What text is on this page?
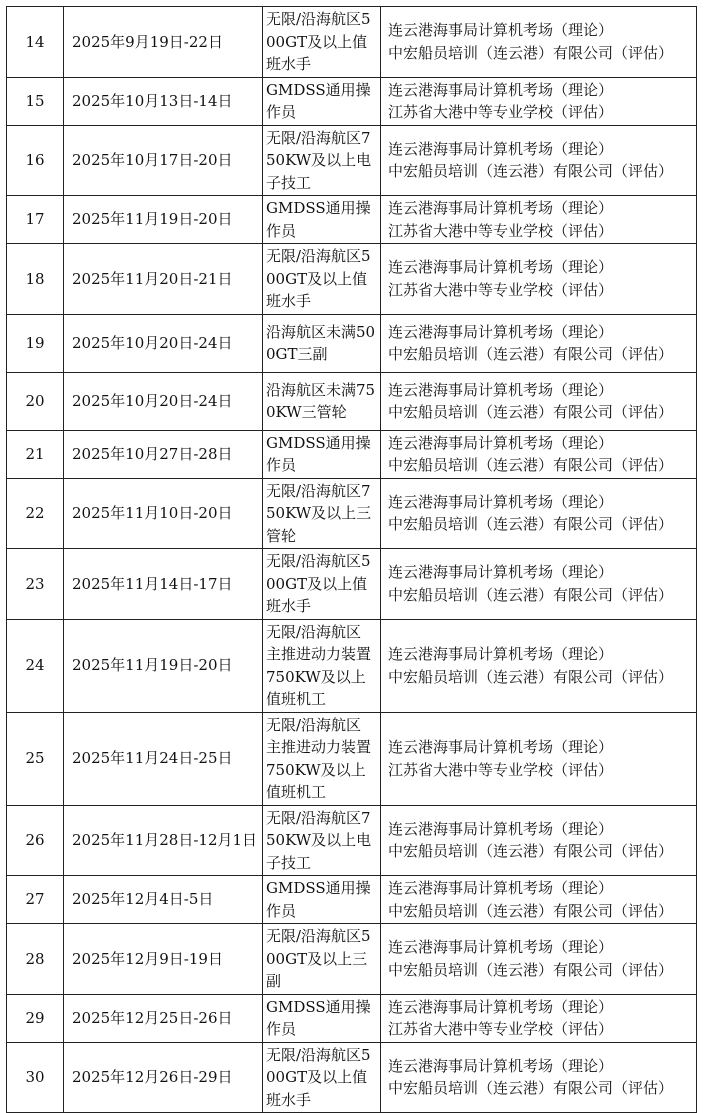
14	2025年9月19日-22日	无限/沿海航区500GT及以上值班水手	连云港海事局计算机考场（理论）
中宏船员培训（连云港）有限公司（评估）

15	2025年10月13日-14日	GMDSS通用操作员	连云港海事局计算机考场（理论）
江苏省大港中等专业学校（评估）

16	2025年10月17日-20日	无限/沿海航区750KW及以上电子技工	连云港海事局计算机考场（理论）
中宏船员培训（连云港）有限公司（评估）

17	2025年11月19日-20日	GMDSS通用操作员	连云港海事局计算机考场（理论）
江苏省大港中等专业学校（评估）

18	2025年11月20日-21日	无限/沿海航区500GT及以上值班水手	连云港海事局计算机考场（理论）
江苏省大港中等专业学校（评估）

19	2025年10月20日-24日	沿海航区未满500GT三副	连云港海事局计算机考场（理论）
中宏船员培训（连云港）有限公司（评估）

20	2025年10月20日-24日	沿海航区未满750KW三管轮	连云港海事局计算机考场（理论）
中宏船员培训（连云港）有限公司（评估）

21	2025年10月27日-28日	GMDSS通用操作员	连云港海事局计算机考场（理论）
中宏船员培训（连云港）有限公司（评估）

22	2025年11月10日-20日	无限/沿海航区750KW及以上三管轮	连云港海事局计算机考场（理论）
中宏船员培训（连云港）有限公司（评估）

23	2025年11月14日-17日	无限/沿海航区500GT及以上值班水手	连云港海事局计算机考场（理论）
中宏船员培训（连云港）有限公司（评估）

24	2025年11月19日-20日	无限/沿海航区主推进动力装置750KW及以上值班机工	连云港海事局计算机考场（理论）
中宏船员培训（连云港）有限公司（评估）

25	2025年11月24日-25日	无限/沿海航区主推进动力装置750KW及以上值班机工	连云港海事局计算机考场（理论）
江苏省大港中等专业学校（评估）

26	2025年11月28日-12月1日	无限/沿海航区750KW及以上电子技工	连云港海事局计算机考场（理论）
中宏船员培训（连云港）有限公司（评估）

27	2025年12月4日-5日	GMDSS通用操作员	连云港海事局计算机考场（理论）
中宏船员培训（连云港）有限公司（评估）

28	2025年12月9日-19日	无限/沿海航区500GT及以上三副	连云港海事局计算机考场（理论）
中宏船员培训（连云港）有限公司（评估）

29	2025年12月25日-26日	GMDSS通用操作员	连云港海事局计算机考场（理论）
江苏省大港中等专业学校（评估）

30	2025年12月26日-29日	无限/沿海航区500GT及以上值班水手	连云港海事局计算机考场（理论）
中宏船员培训（连云港）有限公司（评估）
